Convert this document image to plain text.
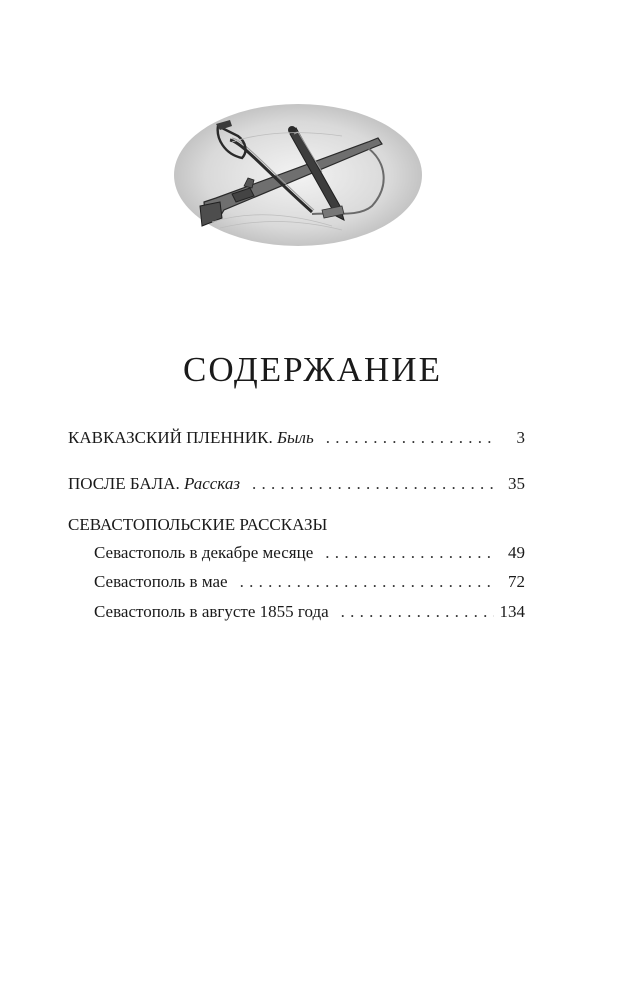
СОДЕРЖАНИЕ
КАВКАЗСКИЙ ПЛЕННИК. Быль . . .	3
ПОСЛЕ БАЛА. Рассказ . . .	35
СЕВАСТОПОЛЬСКИЕ РАССКАЗЫ
Севастополь в декабре месяце . . .	49
Севастополь в мае . . .	72
Севастополь в августе 1855 года . . .	134
